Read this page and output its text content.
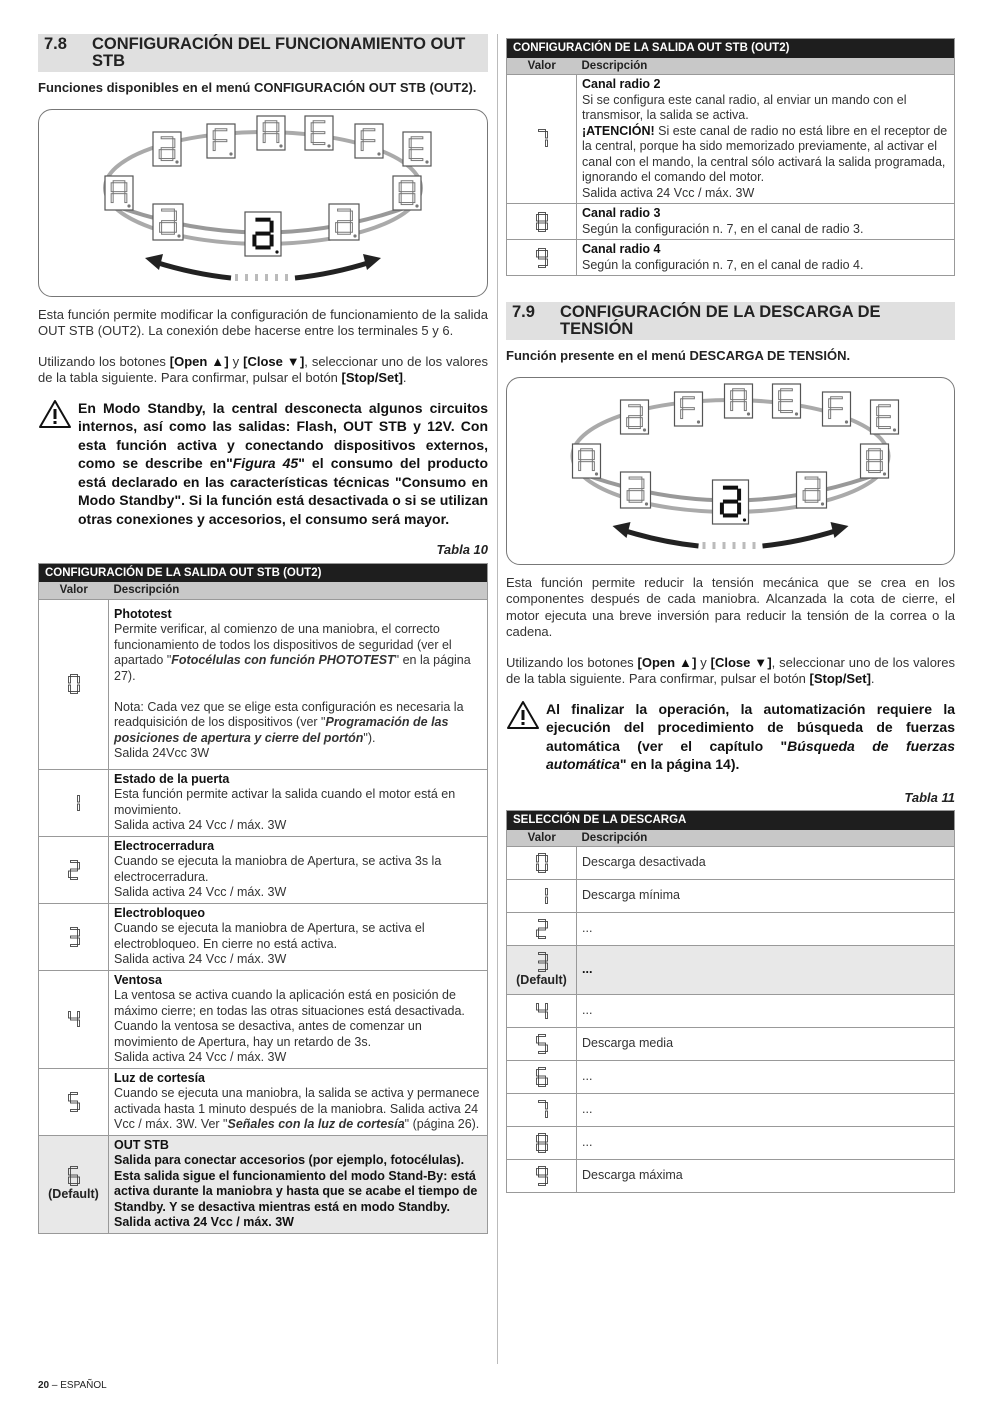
7.8	CONFIGURACIÓN DEL FUNCIONAMIENTO OUT STB
Funciones disponibles en el menú CONFIGURACIÓN OUT STB (OUT2).

Esta función permite modificar la configuración de funcionamiento de la salida OUT STB (OUT2). La conexión debe hacerse entre los terminales 5 y 6.

Utilizando los botones [Open ▲] y [Close ▼], seleccionar uno de los valores de la tabla siguiente. Para confirmar, pulsar el botón [Stop/Set].

En Modo Standby, la central desconecta algunos circuitos internos, así como las salidas: Flash, OUT STB y 12V. Con esta función activa y conectando dispositivos externos, como se describe en"Figura 45" el consumo del producto está declarado en las características técnicas "Consumo en Modo Standby". Si la función está desactivada o si se utilizan otras conexiones y accesorios, el consumo será mayor.
Tabla 10
CONFIGURACIÓN DE LA SALIDA OUT STB (OUT2)	
Valor	Descripción

	Phototest
Permite verificar, al comienzo de una maniobra, el correcto funcionamiento de todos los dispositivos de seguridad (ver el apartado "Fotocélulas con función PHOTOTEST" en la página 27).

Nota: Cada vez que se elige esta configuración es necesaria la readquisición de los dispositivos (ver "Programación de las posiciones de apertura y cierre del portón").
Salida 24Vcc 3W

	Estado de la puerta
Esta función permite activar la salida cuando el motor está en movimiento.
Salida activa 24 Vcc / máx. 3W

	Electrocerradura
Cuando se ejecuta la maniobra de Apertura, se activa 3s la electrocerradura.
Salida activa 24 Vcc / máx. 3W

	Electrobloqueo
Cuando se ejecuta la maniobra de Apertura, se activa el electrobloqueo. En cierre no está activa.
Salida activa 24 Vcc / máx. 3W

	Ventosa
La ventosa se activa cuando la aplicación está en posición de máximo cierre; en todas las otras situaciones está desactivada. Cuando la ventosa se desactiva, antes de comenzar un movimiento de Apertura, hay un retardo de 3s.
Salida activa 24 Vcc / máx. 3W

	Luz de cortesía
Cuando se ejecuta una maniobra, la salida se activa y permanece activada hasta 1 minuto después de la maniobra. Salida activa 24 Vcc / máx. 3W. Ver "Señales con la luz de cortesía" (página 26).

(Default)	OUT STB
Salida para conectar accesorios (por ejemplo, fotocélulas). Esta salida sigue el funcionamiento del modo Stand-By: está activa durante la maniobra y hasta que se acabe el tiempo de Standby. Y se desactiva mientras está en modo Standby.
Salida activa 24 Vcc / máx. 3W
CONFIGURACIÓN DE LA SALIDA OUT STB (OUT2)	
Valor	Descripción

	Canal radio 2
Si se configura este canal radio, al enviar un mando con el transmisor, la salida se activa.
¡ATENCIÓN! Si este canal de radio no está libre en el receptor de la central, porque ha sido memorizado previamente, al activar el canal con el mando, la central sólo activará la salida programada, ignorando el comando del motor.
Salida activa 24 Vcc / máx. 3W

	Canal radio 3
Según la configuración n. 7, en el canal de radio 3.

	Canal radio 4
Según la configuración n. 7, en el canal de radio 4.
7.9	CONFIGURACIÓN DE LA DESCARGA DE TENSIÓN
Función presente en el menú DESCARGA DE TENSIÓN.

Esta función permite reducir la tensión mecánica que se crea en los componentes después de cada maniobra. Alcanzada la cota de cierre, el motor ejecuta una breve inversión para reducir la tensión de la correa o la cadena.

Utilizando los botones [Open ▲] y [Close ▼], seleccionar uno de los valores de la tabla siguiente. Para confirmar, pulsar el botón [Stop/Set].

Al finalizar la operación, la automatización requiere la ejecución del procedimiento de búsqueda de fuerzas automática (ver el capítulo "Búsqueda de fuerzas automática" en la página 14).
Tabla 11
SELECCIÓN DE LA DESCARGA	
Valor	Descripción

	Descarga desactivada

	Descarga mínima

	...

(Default)	...

	...

	Descarga media

	...

	...

	...

	Descarga máxima
20 – ESPAÑOL
